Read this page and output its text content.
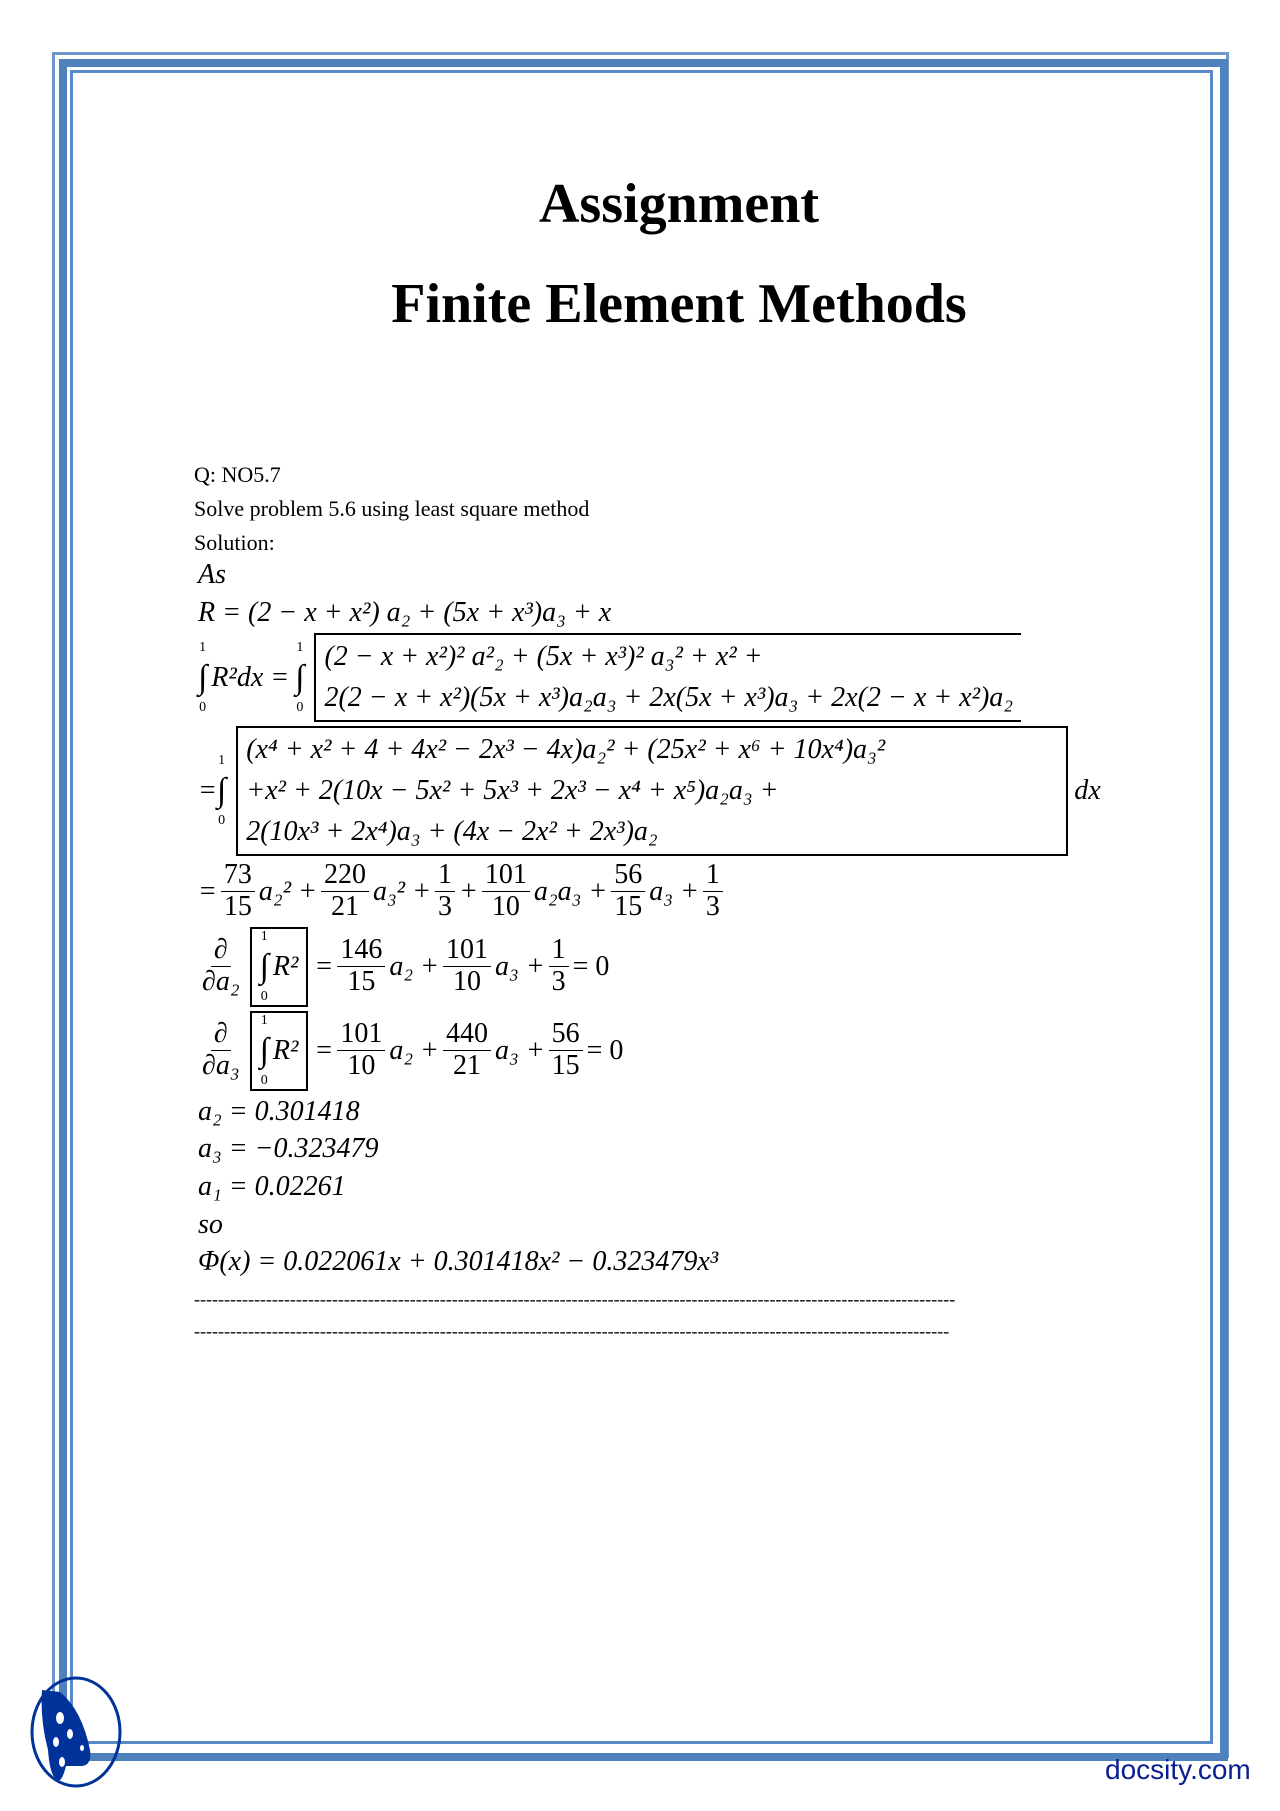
Assignment
Finite Element Methods
Q: NO5.7
Solve problem 5.6 using least square method
Solution:
As
R = (2 − x + x²) a₂ + (5x + x³)a₃ + x
1
∫
0
R²dx =
1
∫
0
(2 − x + x²)² a²₂ + (5x + x³)² a₃² + x² +
2(2 − x + x²)(5x + x³)a₂a₃ + 2x(5x + x³)a₃ + 2x(2 − x + x²)a₂
=
1
∫
0
(x⁴ + x² + 4 + 4x² − 2x³ − 4x)a₂² + (25x² + x⁶ + 10x⁴)a₃²
+x² + 2(10x − 5x² + 5x³ + 2x³ − x⁴ + x⁵)a₂a₃ +
2(10x³ + 2x⁴)a₃ + (4x − 2x² + 2x³)a₂
dx
= $\frac{73}{15} a_2^2 + \frac{220}{21} a_3^2 + \frac{1}{3} + \frac{101}{10} a_2a_3 + \frac{56}{15} a_3 + \frac{1}{3}$
$\frac{\partial}{\text{∂a₂}} 1$
∫
0
$R^2 = \frac{146}{15} a_2 + \frac{101}{10} a_3 + \frac{1}{3} = 0$
$\frac{\partial}{\text{∂a₃}} 1$
∫
0
$R^2 = \frac{101}{10} a_2 + \frac{440}{21} a_3 + \frac{56}{15} = 0$
a₂ = 0.301418
a₃ = −0.323479
a₁ = 0.02261
so
Φ(x) = 0.022061x + 0.301418x² − 0.323479x³
-------------------------------------------------------------------------------------------------------------------------------
------------------------------------------------------------------------------------------------------------------------------
docsity.com
